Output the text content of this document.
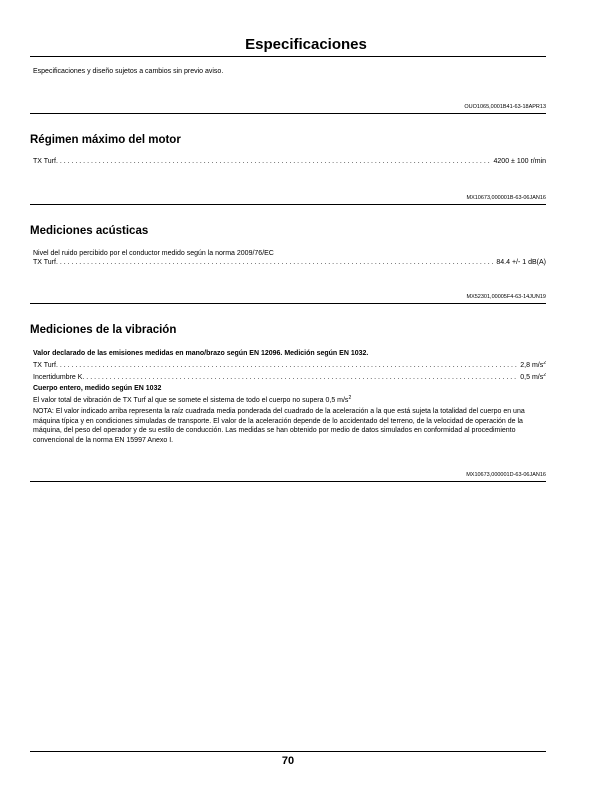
Especificaciones
Especificaciones y diseño sujetos a cambios sin previo aviso.
OUO1065,0001B41-63-18APR13
Régimen máximo del motor
TX Turf . . .	4200 ± 100 r/min
MX10673,000001B-63-06JAN16
Mediciones acústicas
Nivel del ruido percibido por el conductor medido según la norma 2009/76/EC
TX Turf . . .	84.4 +/- 1 dB(A)
MX52301,00005F4-63-14JUN19
Mediciones de la vibración
Valor declarado de las emisiones medidas en mano/brazo según EN 12096. Medición según EN 1032.
TX Turf . . .	2,8 $m/s^2$
Incertidumbre K . . .	0,5 $m/s^2$
Cuerpo entero, medido según EN 1032
El valor total de vibración de TX Turf al que se somete el sistema de todo el cuerpo no supera 0,5 $m/s^2$
NOTA: El valor indicado arriba representa la raíz cuadrada media ponderada del cuadrado de la aceleración a la que está sujeta la totalidad del cuerpo en una máquina típica y en condiciones simuladas de transporte. El valor de la aceleración depende de lo accidentado del terreno, de la velocidad de operación de la máquina, del peso del operador y de su estilo de conducción. Las medidas se han obtenido por medio de datos simulados en conformidad al procedimiento convencional de la norma EN 15997 Anexo I.
MX10673,000001D-63-06JAN16
70
